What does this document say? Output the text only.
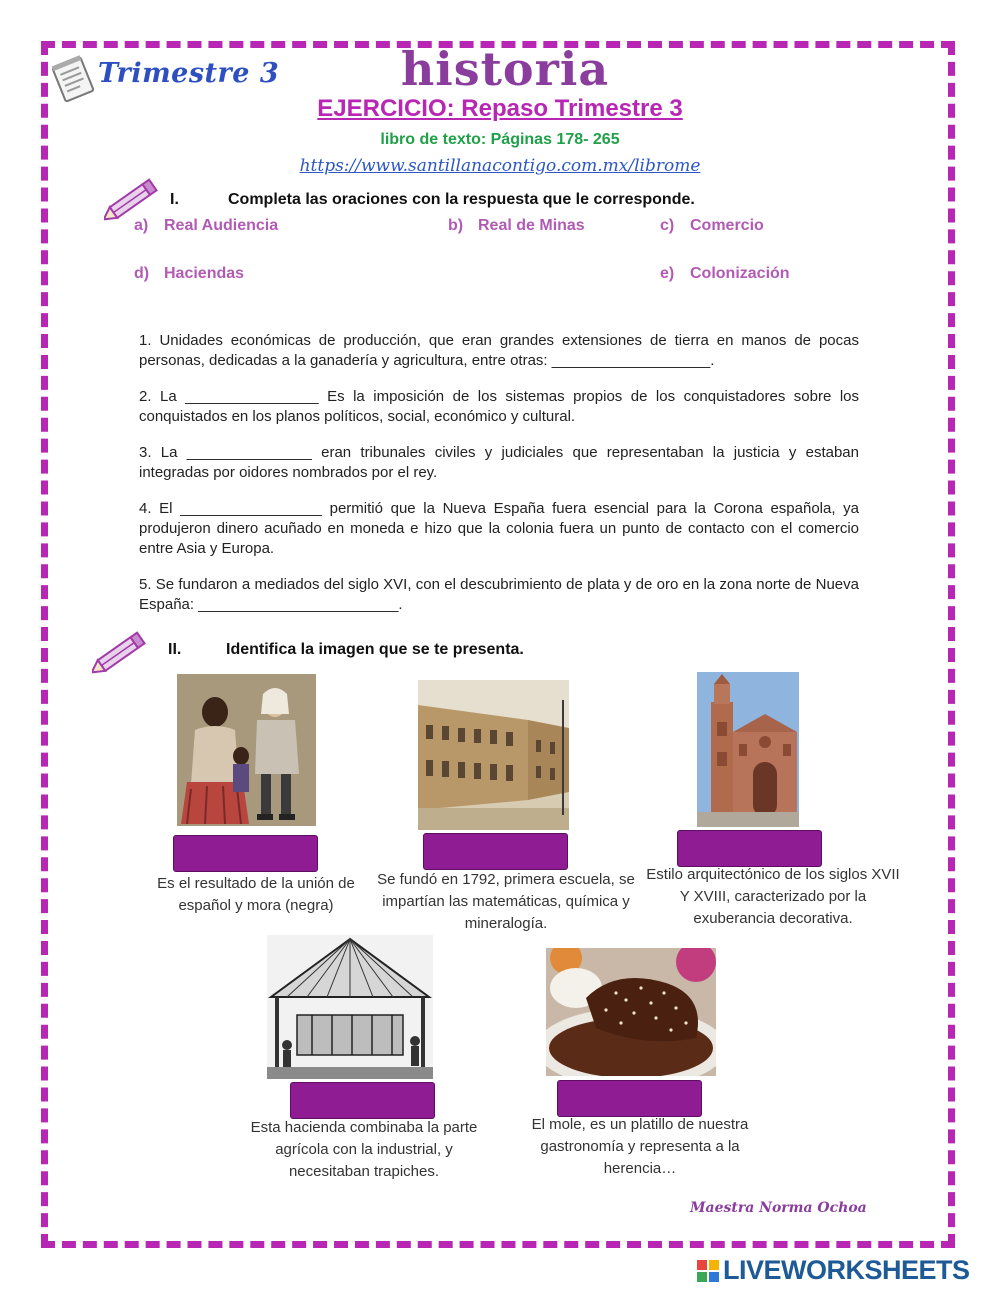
Trimestre 3	historia
EJERCICIO: Repaso Trimestre 3
libro de texto: Páginas 178- 265
https://www.santillanacontigo.com.mx/librome
I.	Completa las oraciones con la respuesta que le corresponde.
a) Real Audiencia	b) Real de Minas	c) Comercio
d) Haciendas	e) Colonización
1. Unidades económicas de producción, que eran grandes extensiones de tierra en manos de pocas personas, dedicadas a la ganadería y agricultura, entre otras: ___________________.
2. La ________________ Es la imposición de los sistemas propios de los conquistadores sobre los conquistados en los planos políticos, social, económico y cultural.
3. La _______________ eran tribunales civiles y judiciales que representaban la justicia y estaban integradas por oidores nombrados por el rey.
4. El _________________ permitió que la Nueva España fuera esencial para la Corona española, ya produjeron dinero acuñado en moneda e hizo que la colonia fuera un punto de contacto con el comercio entre Asia y Europa.
5. Se fundaron a mediados del siglo XVI, con el descubrimiento de plata y de oro en la zona norte de Nueva España: ________________________.
II.	Identifica la imagen que se te presenta.
Es el resultado de la unión de español y mora (negra)
Se fundó en 1792, primera escuela, se impartían las matemáticas, química y mineralogía.
Estilo arquitectónico de los siglos XVII Y XVIII, caracterizado por la exuberancia decorativa.
Esta hacienda combinaba la parte agrícola con la industrial, y necesitaban trapiches.
El mole, es un platillo de nuestra gastronomía y representa a la herencia…
Maestra Norma Ochoa
LIVEWORKSHEETS
